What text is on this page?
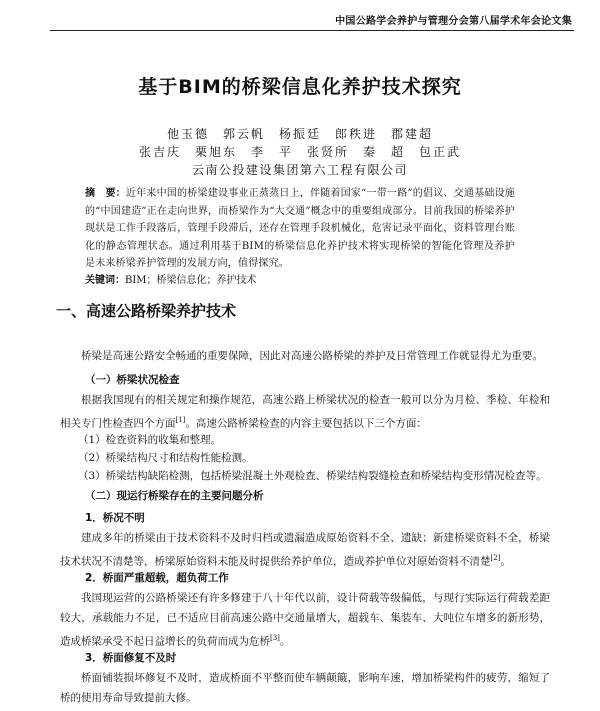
中国公路学会养护与管理分会第八届学术年会论文集
基于BIM的桥梁信息化养护技术探究
他玉德　郭云帆　杨振廷　郎秩进　郡建超
张吉庆　栗旭东　李　平　张贤所　秦　超　包正武
云南公投建设集团第六工程有限公司
摘　要：近年来中国的桥梁建设事业正蒸蒸日上，伴随着国家“一带一路”的倡议、交通基础设施的“中国建造”正在走向世界，而桥梁作为“大交通”概念中的重要组成部分。目前我国的桥梁养护现状是工作手段落后，管理手段滞后，还存在管理手段机械化，危害记录平面化，资料管理台账化的静态管理状态。通过利用基于BIM的桥梁信息化养护技术将实现桥梁的智能化管理及养护是未来桥梁养护管理的发展方向，值得探究。
关键词：BIM；桥梁信息化；养护技术
一、高速公路桥梁养护技术
桥梁是高速公路安全畅通的重要保障，因此对高速公路桥梁的养护及日常管理工作就显得尤为重要。
（一）桥梁状况检查
根据我国现有的相关规定和操作规范，高速公路上桥梁状况的检查一般可以分为月检、季检、年检和相关专门性检查四个方面[1]。高速公路桥梁检查的内容主要包括以下三个方面：
（1）检查资料的收集和整理。
（2）桥梁结构尺寸和结构性能检测。
（3）桥梁结构缺陷检测，包括桥梁混凝土外观检查、桥梁结构裂缝检查和桥梁结构变形情况检查等。
（二）现运行桥梁存在的主要问题分析
1．桥况不明
建成多年的桥梁由于技术资料不及时归档或遗漏造成原始资料不全、遗缺；新建桥梁资料不全，桥梁技术状况不清楚等，桥梁原始资料未能及时提供给养护单位，造成养护单位对原始资料不清楚[2]。
2．桥面严重超载，超负荷工作
我国现运营的公路桥梁还有许多修建于八十年代以前，设计荷载等级偏低，与现行实际运行荷载差距较大，承载能力不足，已不适应目前高速公路中交通量增大，超载车、集装车、大吨位车增多的新形势，造成桥梁承受不起日益增长的负荷而成为危桥[3]。
3．桥面修复不及时
桥面铺装损坏修复不及时，造成桥面不平整而使车辆颠簸，影响车速，增加桥梁构件的疲劳，缩短了桥的使用寿命导致提前大修。
